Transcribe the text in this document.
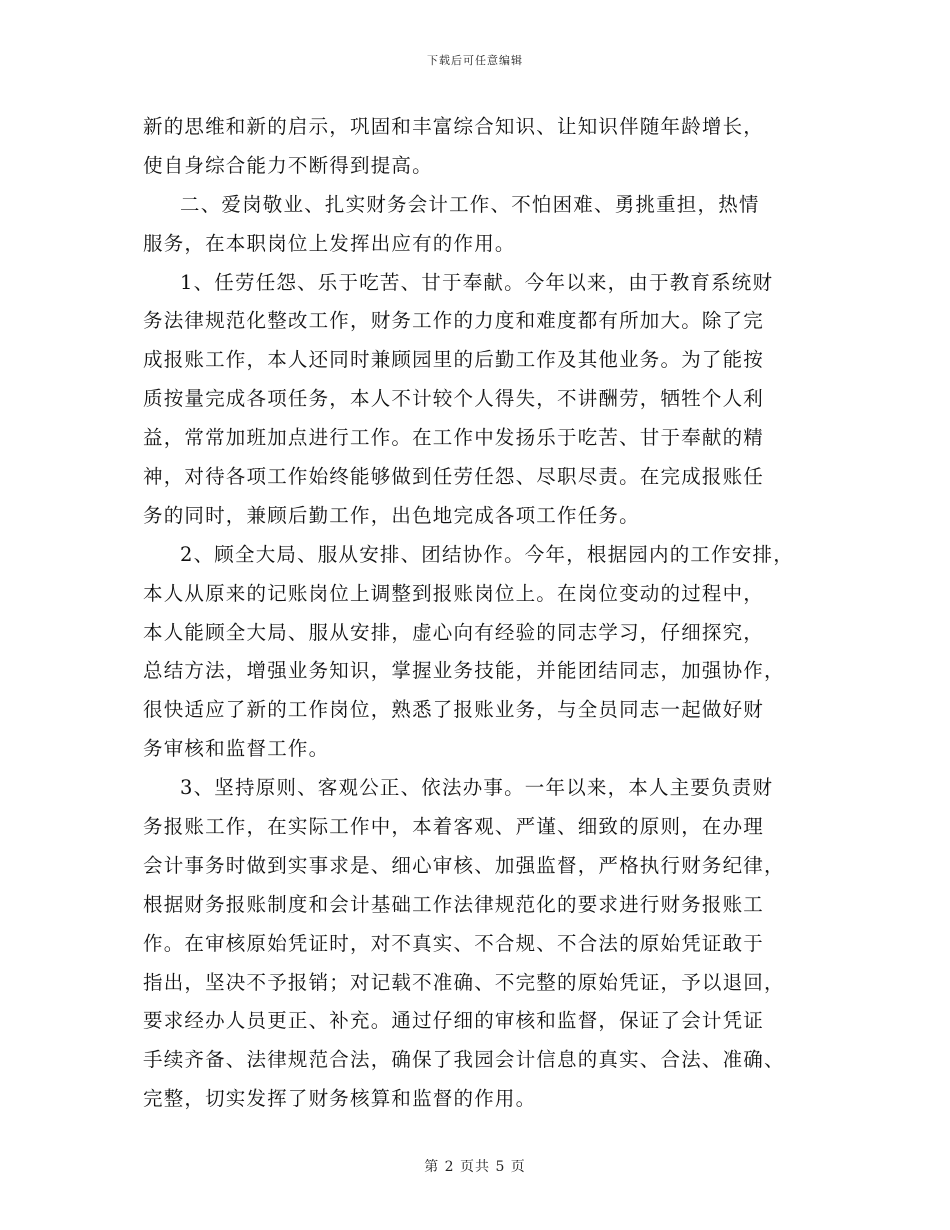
下载后可任意编辑
新的思维和新的启示，巩固和丰富综合知识、让知识伴随年龄增长，
使自身综合能力不断得到提高。
二、爱岗敬业、扎实财务会计工作、不怕困难、勇挑重担，热情
服务，在本职岗位上发挥出应有的作用。
1、任劳任怨、乐于吃苦、甘于奉献。今年以来，由于教育系统财
务法律规范化整改工作，财务工作的力度和难度都有所加大。除了完
成报账工作，本人还同时兼顾园里的后勤工作及其他业务。为了能按
质按量完成各项任务，本人不计较个人得失，不讲酬劳，牺牲个人利
益，常常加班加点进行工作。在工作中发扬乐于吃苦、甘于奉献的精
神，对待各项工作始终能够做到任劳任怨、尽职尽责。在完成报账任
务的同时，兼顾后勤工作，出色地完成各项工作任务。
2、顾全大局、服从安排、团结协作。今年，根据园内的工作安排，
本人从原来的记账岗位上调整到报账岗位上。在岗位变动的过程中，
本人能顾全大局、服从安排，虚心向有经验的同志学习，仔细探究，
总结方法，增强业务知识，掌握业务技能，并能团结同志，加强协作，
很快适应了新的工作岗位，熟悉了报账业务，与全员同志一起做好财
务审核和监督工作。
3、坚持原则、客观公正、依法办事。一年以来，本人主要负责财
务报账工作，在实际工作中，本着客观、严谨、细致的原则，在办理
会计事务时做到实事求是、细心审核、加强监督，严格执行财务纪律，
根据财务报账制度和会计基础工作法律规范化的要求进行财务报账工
作。在审核原始凭证时，对不真实、不合规、不合法的原始凭证敢于
指出，坚决不予报销；对记载不准确、不完整的原始凭证，予以退回，
要求经办人员更正、补充。通过仔细的审核和监督，保证了会计凭证
手续齐备、法律规范合法，确保了我园会计信息的真实、合法、准确、
完整，切实发挥了财务核算和监督的作用。
第 2 页共 5 页
